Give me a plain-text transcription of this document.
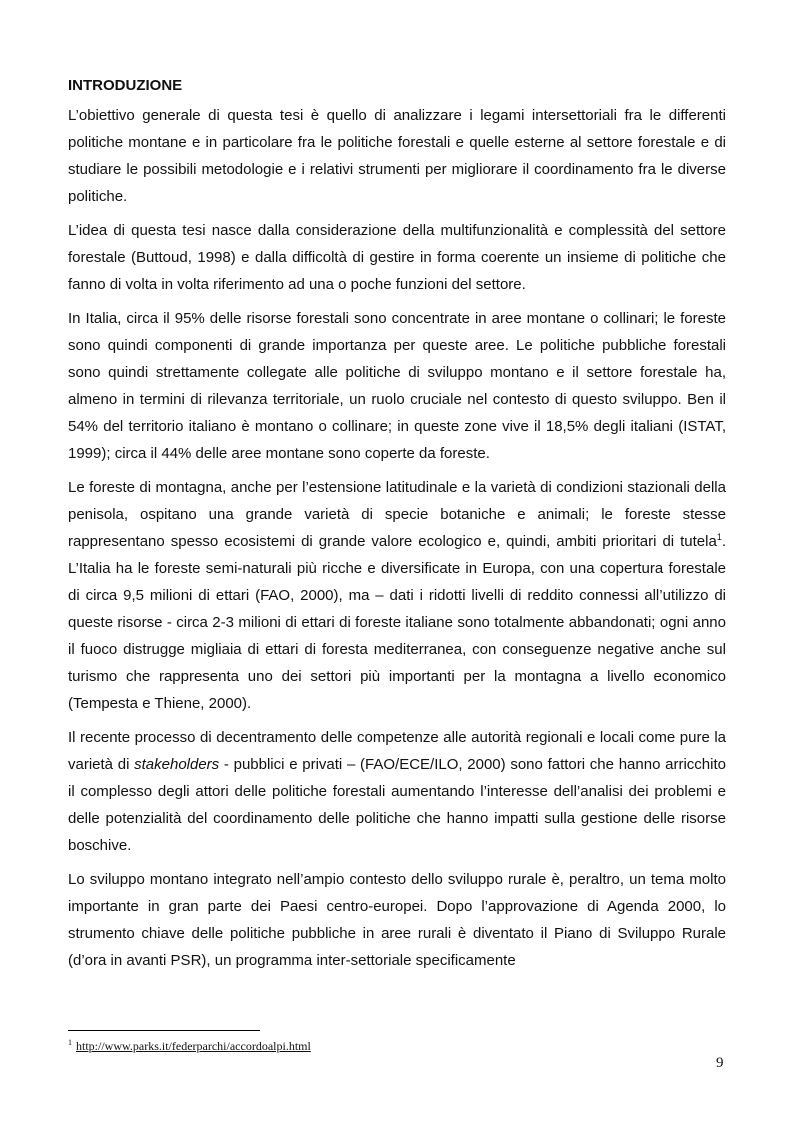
INTRODUZIONE

L’obiettivo generale di questa tesi è quello di analizzare i legami intersettoriali fra le differenti politiche montane e in particolare fra le politiche forestali e quelle esterne al settore forestale e di studiare le possibili metodologie e i relativi strumenti per migliorare il coordinamento fra le diverse politiche.

L’idea di questa tesi nasce dalla considerazione della multifunzionalità e complessità del settore forestale (Buttoud, 1998) e dalla difficoltà di gestire in forma coerente un insieme di politiche che fanno di volta in volta riferimento ad una o poche funzioni del settore.

In Italia, circa il 95% delle risorse forestali sono concentrate in aree montane o collinari; le foreste sono quindi componenti di grande importanza per queste aree. Le politiche pubbliche forestali sono quindi strettamente collegate alle politiche di sviluppo montano e il settore forestale ha, almeno in termini di rilevanza territoriale, un ruolo cruciale nel contesto di questo sviluppo. Ben il 54% del territorio italiano è montano o collinare; in queste zone vive il 18,5% degli italiani (ISTAT, 1999); circa il 44% delle aree montane sono coperte da foreste.

Le foreste di montagna, anche per l’estensione latitudinale e la varietà di condizioni stazionali della penisola, ospitano una grande varietà di specie botaniche e animali; le foreste stesse rappresentano spesso ecosistemi di grande valore ecologico e, quindi, ambiti prioritari di tutela$^1$. L’Italia ha le foreste semi-naturali più ricche e diversificate in Europa, con una copertura forestale di circa 9,5 milioni di ettari (FAO, 2000), ma – dati i ridotti livelli di reddito connessi all’utilizzo di queste risorse - circa 2-3 milioni di ettari di foreste italiane sono totalmente abbandonati; ogni anno il fuoco distrugge migliaia di ettari di foresta mediterranea, con conseguenze negative anche sul turismo che rappresenta uno dei settori più importanti per la montagna a livello economico (Tempesta e Thiene, 2000).

Il recente processo di decentramento delle competenze alle autorità regionali e locali come pure la varietà di stakeholders - pubblici e privati – (FAO/ECE/ILO, 2000) sono fattori che hanno arricchito il complesso degli attori delle politiche forestali aumentando l’interesse dell’analisi dei problemi e delle potenzialità del coordinamento delle politiche che hanno impatti sulla gestione delle risorse boschive.

Lo sviluppo montano integrato nell’ampio contesto dello sviluppo rurale è, peraltro, un tema molto importante in gran parte dei Paesi centro-europei. Dopo l’approvazione di Agenda 2000, lo strumento chiave delle politiche pubbliche in aree rurali è diventato il Piano di Sviluppo Rurale (d’ora in avanti PSR), un programma inter-settoriale specificamente

$^1$ http://www.parks.it/federparchi/accordoalpi.html
9
